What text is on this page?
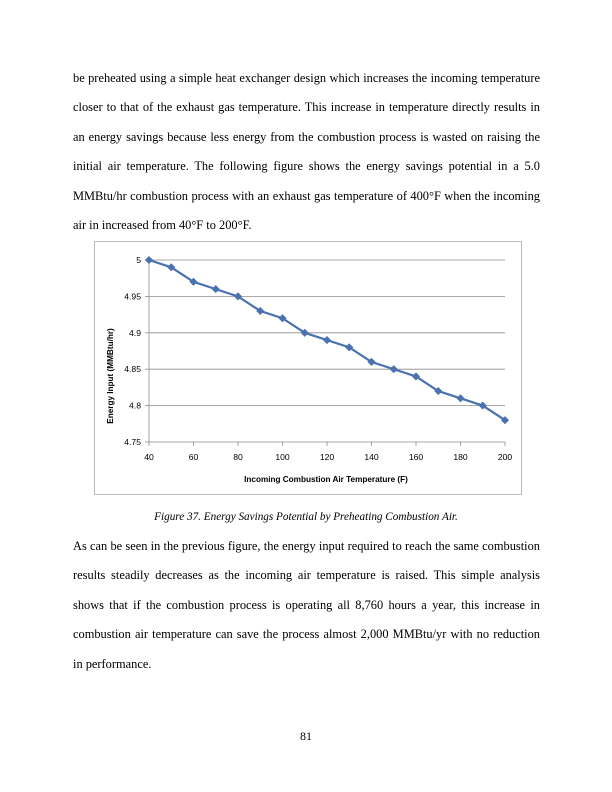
be preheated using a simple heat exchanger design which increases the incoming temperature closer to that of the exhaust gas temperature. This increase in temperature directly results in an energy savings because less energy from the combustion process is wasted on raising the initial air temperature. The following figure shows the energy savings potential in a 5.0 MMBtu/hr combustion process with an exhaust gas temperature of 400°F when the incoming air in increased from 40°F to 200°F.

5
4.95
4.9
4.85
4.8
4.75
40	60	80	100	120	140	160	180	200
Incoming Combustion Air Temperature (F)
Energy Input (MMBtu/hr)
Figure 37. Energy Savings Potential by Preheating Combustion Air.

As can be seen in the previous figure, the energy input required to reach the same combustion results steadily decreases as the incoming air temperature is raised. This simple analysis shows that if the combustion process is operating all 8,760 hours a year, this increase in combustion air temperature can save the process almost 2,000 MMBtu/yr with no reduction in performance.

81
